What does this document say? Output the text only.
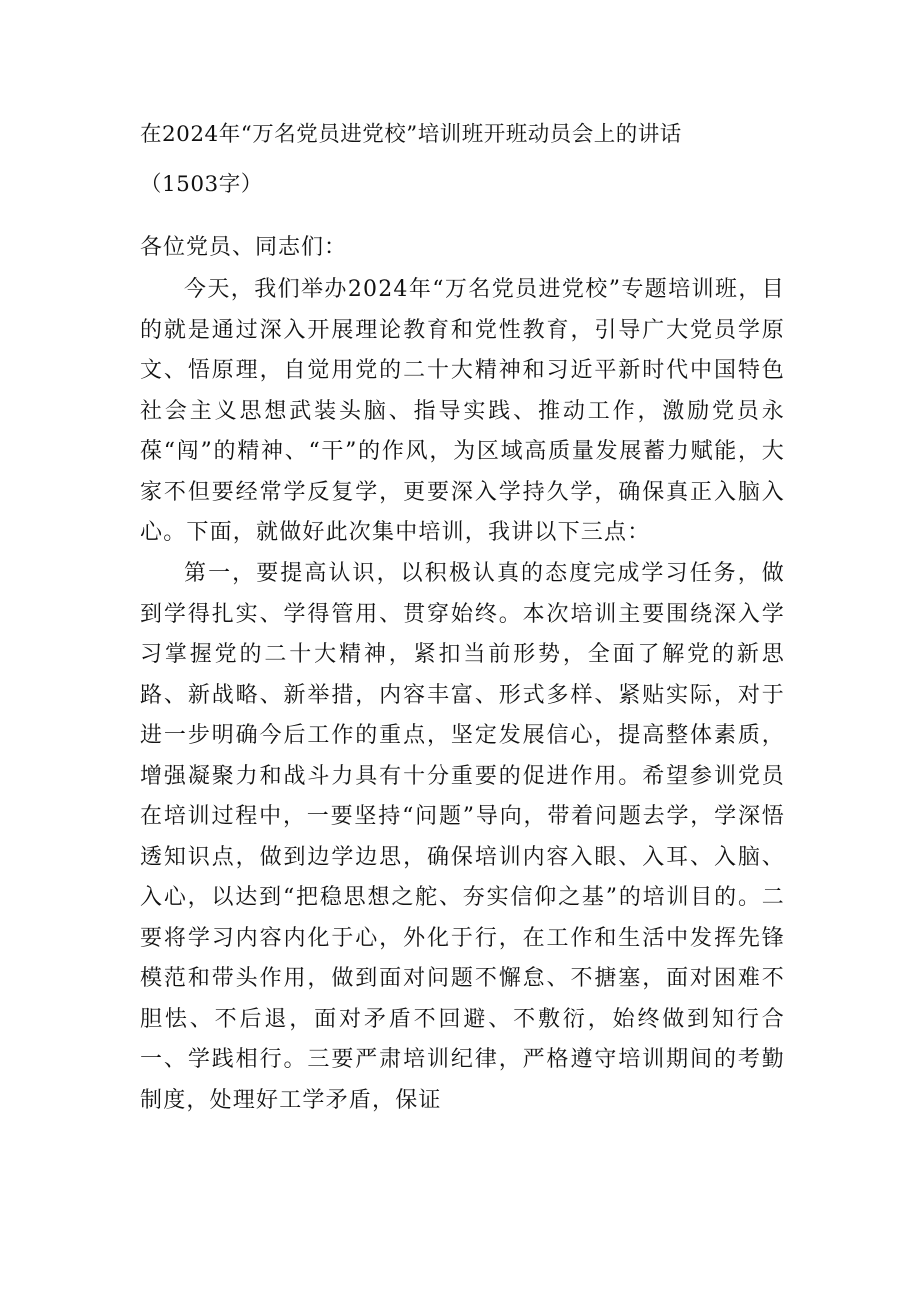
在2024年“万名党员进党校”培训班开班动员会上的讲话

（1503字）

各位党员、同志们：

今天，我们举办2024年“万名党员进党校”专题培训班，目的就是通过深入开展理论教育和党性教育，引导广大党员学原文、悟原理，自觉用党的二十大精神和习近平新时代中国特色社会主义思想武装头脑、指导实践、推动工作，激励党员永葆“闯”的精神、“干”的作风，为区域高质量发展蓄力赋能，大家不但要经常学反复学，更要深入学持久学，确保真正入脑入心。下面，就做好此次集中培训，我讲以下三点：

第一，要提高认识，以积极认真的态度完成学习任务，做到学得扎实、学得管用、贯穿始终。本次培训主要围绕深入学习掌握党的二十大精神，紧扣当前形势，全面了解党的新思路、新战略、新举措，内容丰富、形式多样、紧贴实际，对于进一步明确今后工作的重点，坚定发展信心，提高整体素质，增强凝聚力和战斗力具有十分重要的促进作用。希望参训党员在培训过程中，一要坚持“问题”导向，带着问题去学，学深悟透知识点，做到边学边思，确保培训内容入眼、入耳、入脑、入心，以达到“把稳思想之舵、夯实信仰之基”的培训目的。二要将学习内容内化于心，外化于行，在工作和生活中发挥先锋模范和带头作用，做到面对问题不懈怠、不搪塞，面对困难不胆怯、不后退，面对矛盾不回避、不敷衍，始终做到知行合一、学践相行。三要严肃培训纪律，严格遵守培训期间的考勤制度，处理好工学矛盾，保证
